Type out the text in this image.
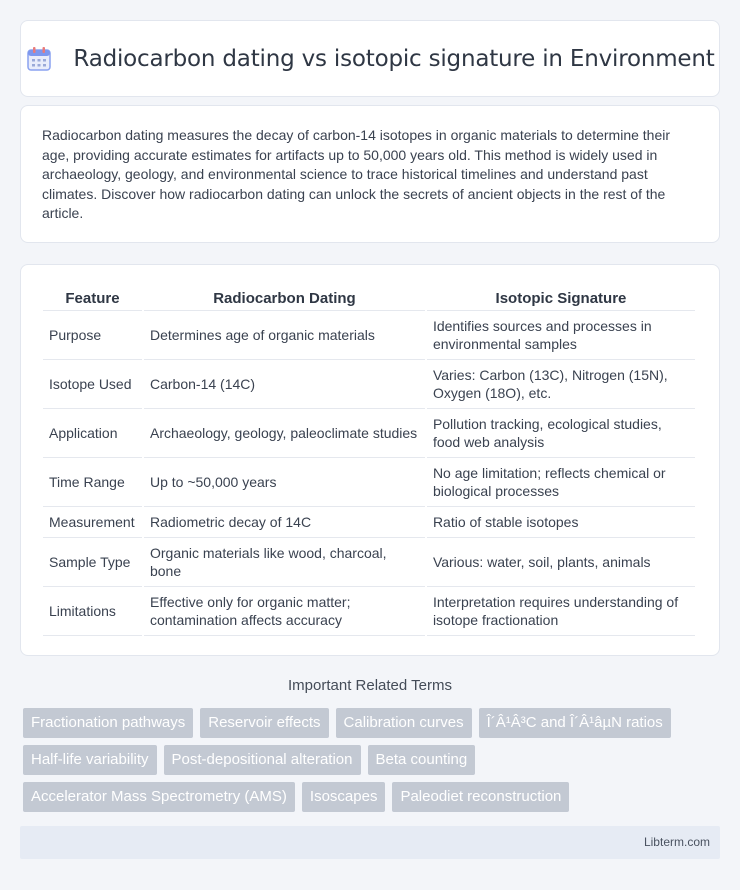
Radiocarbon dating vs isotopic signature in Environment

Radiocarbon dating measures the decay of carbon-14 isotopes in organic materials to determine their age, providing accurate estimates for artifacts up to 50,000 years old. This method is widely used in archaeology, geology, and environmental science to trace historical timelines and understand past climates. Discover how radiocarbon dating can unlock the secrets of ancient objects in the rest of the article.

Feature	Radiocarbon Dating	Isotopic Signature
Purpose	Determines age of organic materials	Identifies sources and processes in environmental samples
Isotope Used	Carbon-14 (14C)	Varies: Carbon (13C), Nitrogen (15N), Oxygen (18O), etc.
Application	Archaeology, geology, paleoclimate studies	Pollution tracking, ecological studies, food web analysis
Time Range	Up to ~50,000 years	No age limitation; reflects chemical or biological processes
Measurement	Radiometric decay of 14C	Ratio of stable isotopes
Sample Type	Organic materials like wood, charcoal, bone	Various: water, soil, plants, animals
Limitations	Effective only for organic matter; contamination affects accuracy	Interpretation requires understanding of isotope fractionation
Important Related Terms
Fractionation pathways	Reservoir effects	Calibration curves	Î´Â¹Â³C and Î´Â¹âµN ratios
Half-life variability	Post-depositional alteration	Beta counting
Accelerator Mass Spectrometry (AMS)	Isoscapes	Paleodiet reconstruction
Libterm.com
